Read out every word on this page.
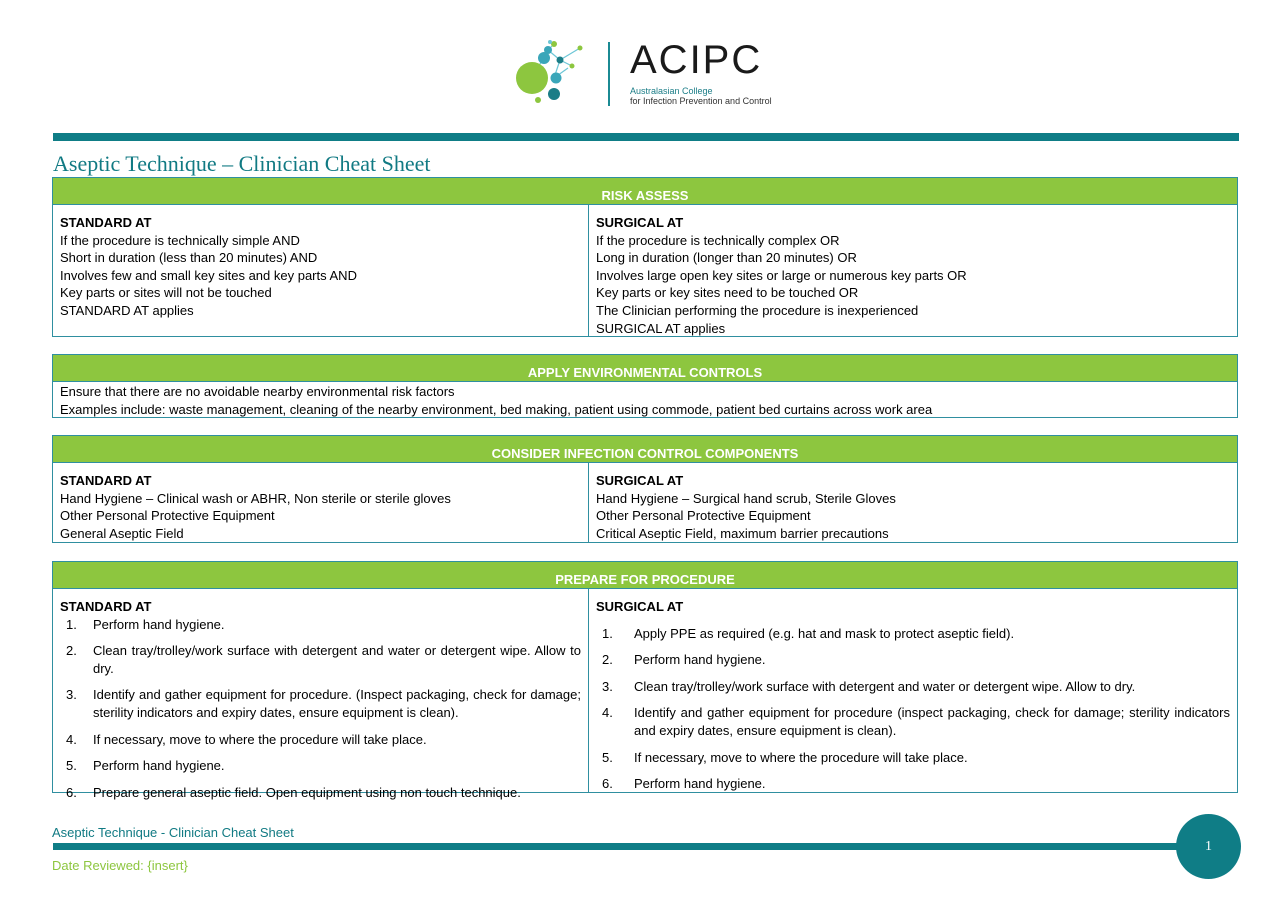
ACIPC
Australasian College
for Infection Prevention and Control
Aseptic Technique – Clinician Cheat Sheet
RISK ASSESS
STANDARD AT
If the procedure is technically simple AND
Short in duration (less than 20 minutes) AND
Involves few and small key sites and key parts AND
Key parts or sites will not be touched
STANDARD AT applies
SURGICAL AT
If the procedure is technically complex OR
Long in duration (longer than 20 minutes) OR
Involves large open key sites or large or numerous key parts OR
Key parts or key sites need to be touched OR
The Clinician performing the procedure is inexperienced
SURGICAL AT applies
APPLY ENVIRONMENTAL CONTROLS
Ensure that there are no avoidable nearby environmental risk factors
Examples include: waste management, cleaning of the nearby environment, bed making, patient using commode, patient bed curtains across work area
CONSIDER INFECTION CONTROL COMPONENTS
STANDARD AT
Hand Hygiene – Clinical wash or ABHR, Non sterile or sterile gloves
Other Personal Protective Equipment
General Aseptic Field
SURGICAL AT
Hand Hygiene – Surgical hand scrub, Sterile Gloves
Other Personal Protective Equipment
Critical Aseptic Field, maximum barrier precautions
PREPARE FOR PROCEDURE
STANDARD AT
1.	Perform hand hygiene.
2.	Clean tray/trolley/work surface with detergent and water or detergent wipe. Allow to dry.
3.	Identify and gather equipment for procedure. (Inspect packaging, check for damage; sterility indicators and expiry dates, ensure equipment is clean).
4.	If necessary, move to where the procedure will take place.
5.	Perform hand hygiene.
6.	Prepare general aseptic field. Open equipment using non touch technique.
SURGICAL AT
1.	Apply PPE as required (e.g. hat and mask to protect aseptic field).
2.	Perform hand hygiene.
3.	Clean tray/trolley/work surface with detergent and water or detergent wipe. Allow to dry.
4.	Identify and gather equipment for procedure (inspect packaging, check for damage; sterility indicators and expiry dates, ensure equipment is clean).
5.	If necessary, move to where the procedure will take place.
6.	Perform hand hygiene.
Aseptic Technique - Clinician Cheat Sheet
Date Reviewed: {insert}
1
